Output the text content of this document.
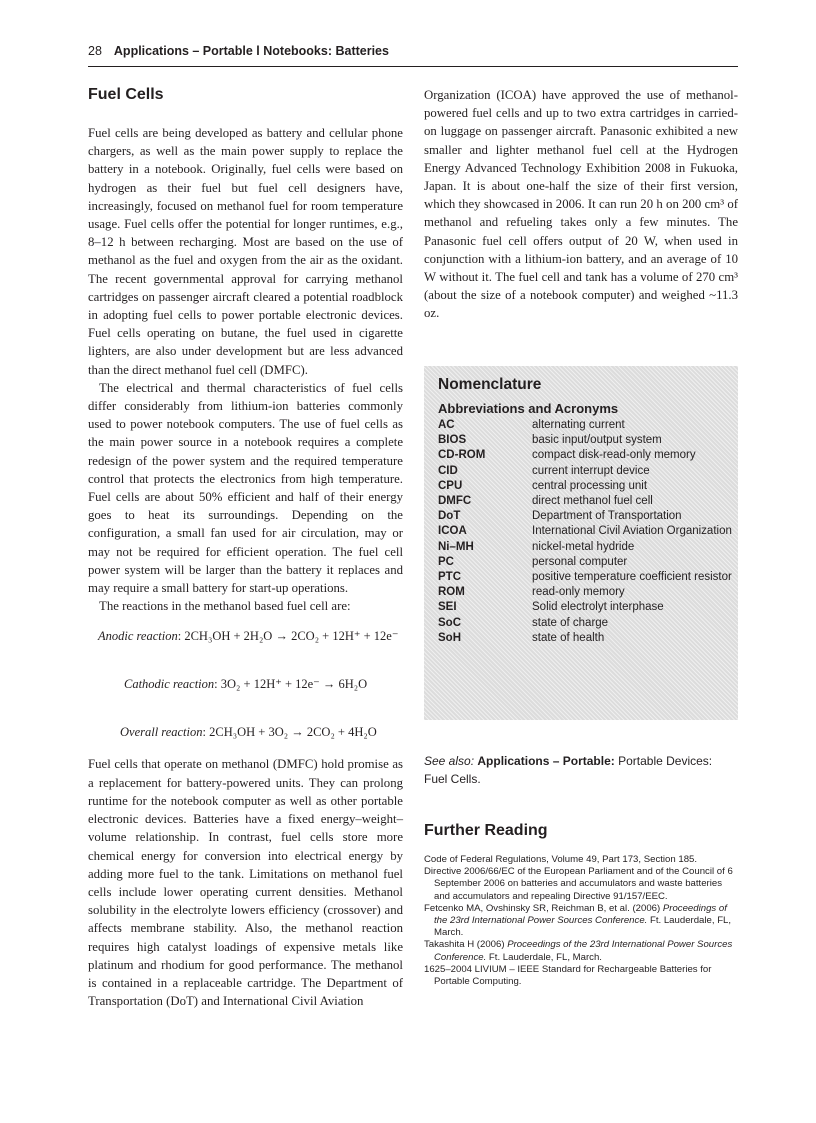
28 Applications – Portable l Notebooks: Batteries
Fuel Cells

Fuel cells are being developed as battery and cellular phone chargers, as well as the main power supply to replace the battery in a notebook. Originally, fuel cells were based on hydrogen as their fuel but fuel cell designers have, increasingly, focused on methanol fuel for room temperature usage. Fuel cells offer the potential for longer runtimes, e.g., 8–12 h between recharging. Most are based on the use of methanol as the fuel and oxygen from the air as the oxidant. The recent governmental approval for carrying methanol cartridges on passenger aircraft cleared a potential roadblock in adopting fuel cells to power portable electronic devices. Fuel cells operating on butane, the fuel used in cigarette lighters, are also under development but are less advanced than the direct methanol fuel cell (DMFC).

The electrical and thermal characteristics of fuel cells differ considerably from lithium-ion batteries commonly used to power notebook computers. The use of fuel cells as the main power source in a notebook requires a complete redesign of the power system and the required temperature control that protects the electronics from high temperature. Fuel cells are about 50% efficient and half of their energy goes to heat its surroundings. Depending on the configuration, a small fan used for air circulation, may or may not be required for efficient operation. The fuel cell power system will be larger than the battery it replaces and may require a small battery for start-up operations.

The reactions in the methanol based fuel cell are:

Anodic reaction: 2CH₃OH + 2H₂O → 2CO₂ + 12H⁺ + 12e⁻
Cathodic reaction: 3O₂ + 12H⁺ + 12e⁻ → 6H₂O
Overall reaction: 2CH₃OH + 3O₂ → 2CO₂ + 4H₂O

Fuel cells that operate on methanol (DMFC) hold promise as a replacement for battery-powered units. They can prolong runtime for the notebook computer as well as other portable electronic devices. Batteries have a fixed energy–weight–volume relationship. In contrast, fuel cells store more chemical energy for conversion into electrical energy by adding more fuel to the tank. Limitations on methanol fuel cells include lower operating current densities. Methanol solubility in the electrolyte lowers efficiency (crossover) and affects membrane stability. Also, the methanol reaction requires high catalyst loadings of expensive metals like platinum and rhodium for good performance. The methanol is contained in a replaceable cartridge. The Department of Transportation (DoT) and International Civil Aviation

Organization (ICOA) have approved the use of methanol-powered fuel cells and up to two extra cartridges in carried-on luggage on passenger aircraft. Panasonic exhibited a new smaller and lighter methanol fuel cell at the Hydrogen Energy Advanced Technology Exhibition 2008 in Fukuoka, Japan. It is about one-half the size of their first version, which they showcased in 2006. It can run 20 h on 200 cm³ of methanol and refueling takes only a few minutes. The Panasonic fuel cell offers output of 20 W, when used in conjunction with a lithium-ion battery, and an average of 10 W without it. The fuel cell and tank has a volume of 270 cm³ (about the size of a notebook computer) and weighed ~11.3 oz.

Nomenclature
Abbreviations and Acronyms
AC	alternating current
BIOS	basic input/output system
CD-ROM	compact disk-read-only memory
CID	current interrupt device
CPU	central processing unit
DMFC	direct methanol fuel cell
DoT	Department of Transportation
ICOA	International Civil Aviation Organization
Ni–MH	nickel-metal hydride
PC	personal computer
PTC	positive temperature coefficient resistor
ROM	read-only memory
SEI	Solid electrolyt interphase
SoC	state of charge
SoH	state of health
See also: Applications – Portable: Portable Devices: Fuel Cells.
Further Reading
Code of Federal Regulations, Volume 49, Part 173, Section 185.
Directive 2006/66/EC of the European Parliament and of the Council of 6 September 2006 on batteries and accumulators and waste batteries and accumulators and repealing Directive 91/157/EEC.
Fetcenko MA, Ovshinsky SR, Reichman B, et al. (2006) Proceedings of the 23rd International Power Sources Conference. Ft. Lauderdale, FL, March.
Takashita H (2006) Proceedings of the 23rd International Power Sources Conference. Ft. Lauderdale, FL, March.
1625–2004 LIVIUM – IEEE Standard for Rechargeable Batteries for Portable Computing.
